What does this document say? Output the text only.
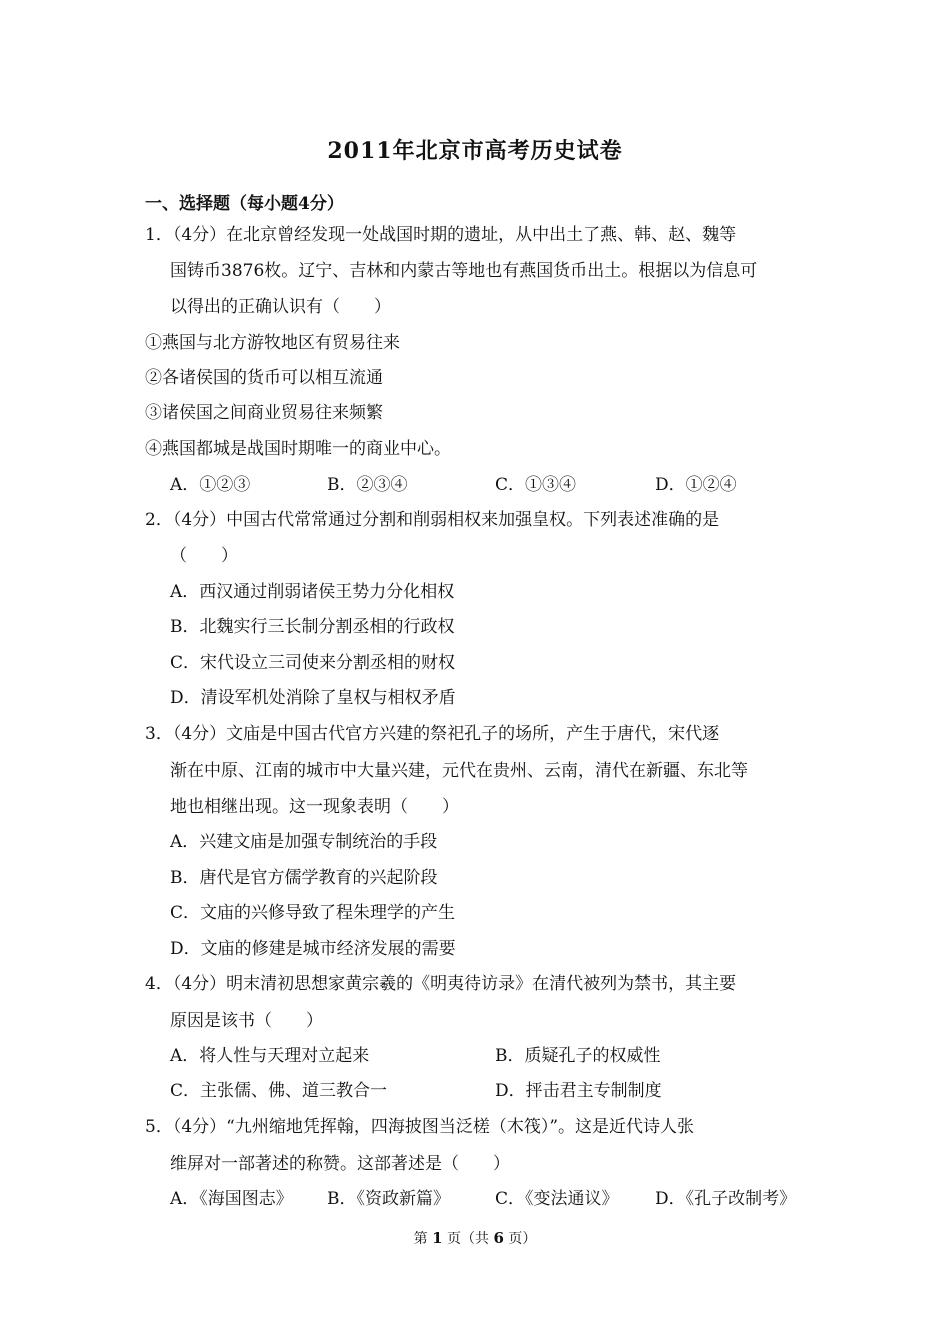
2011年北京市高考历史试卷
一、选择题（每小题4分）
1．（4分）在北京曾经发现一处战国时期的遗址，从中出土了燕、韩、赵、魏等
国铸币3876枚。辽宁、吉林和内蒙古等地也有燕国货币出土。根据以为信息可
以得出的正确认识有（　　）
①燕国与北方游牧地区有贸易往来
②各诸侯国的货币可以相互流通
③诸侯国之间商业贸易往来频繁
④燕国都城是战国时期唯一的商业中心。
A．①②③	B．②③④	C．①③④	D．①②④
2．（4分）中国古代常常通过分割和削弱相权来加强皇权。下列表述准确的是
（　　）
A．西汉通过削弱诸侯王势力分化相权
B．北魏实行三长制分割丞相的行政权
C．宋代设立三司使来分割丞相的财权
D．清设军机处消除了皇权与相权矛盾
3．（4分）文庙是中国古代官方兴建的祭祀孔子的场所，产生于唐代，宋代逐
渐在中原、江南的城市中大量兴建，元代在贵州、云南，清代在新疆、东北等
地也相继出现。这一现象表明（　　）
A．兴建文庙是加强专制统治的手段
B．唐代是官方儒学教育的兴起阶段
C．文庙的兴修导致了程朱理学的产生
D．文庙的修建是城市经济发展的需要
4．（4分）明末清初思想家黄宗羲的《明夷待访录》在清代被列为禁书，其主要
原因是该书（　　）
A．将人性与天理对立起来	B．质疑孔子的权威性
C．主张儒、佛、道三教合一	D．抨击君主专制制度
5．（4分）“九州缩地凭挥翰，四海披图当泛槎（木筏）”。这是近代诗人张
维屏对一部著述的称赞。这部著述是（　　）
A．《海国图志》 B．《资政新篇》	C．《变法通议》 D．《孔子改制考》
第 1 页（共 6 页）
